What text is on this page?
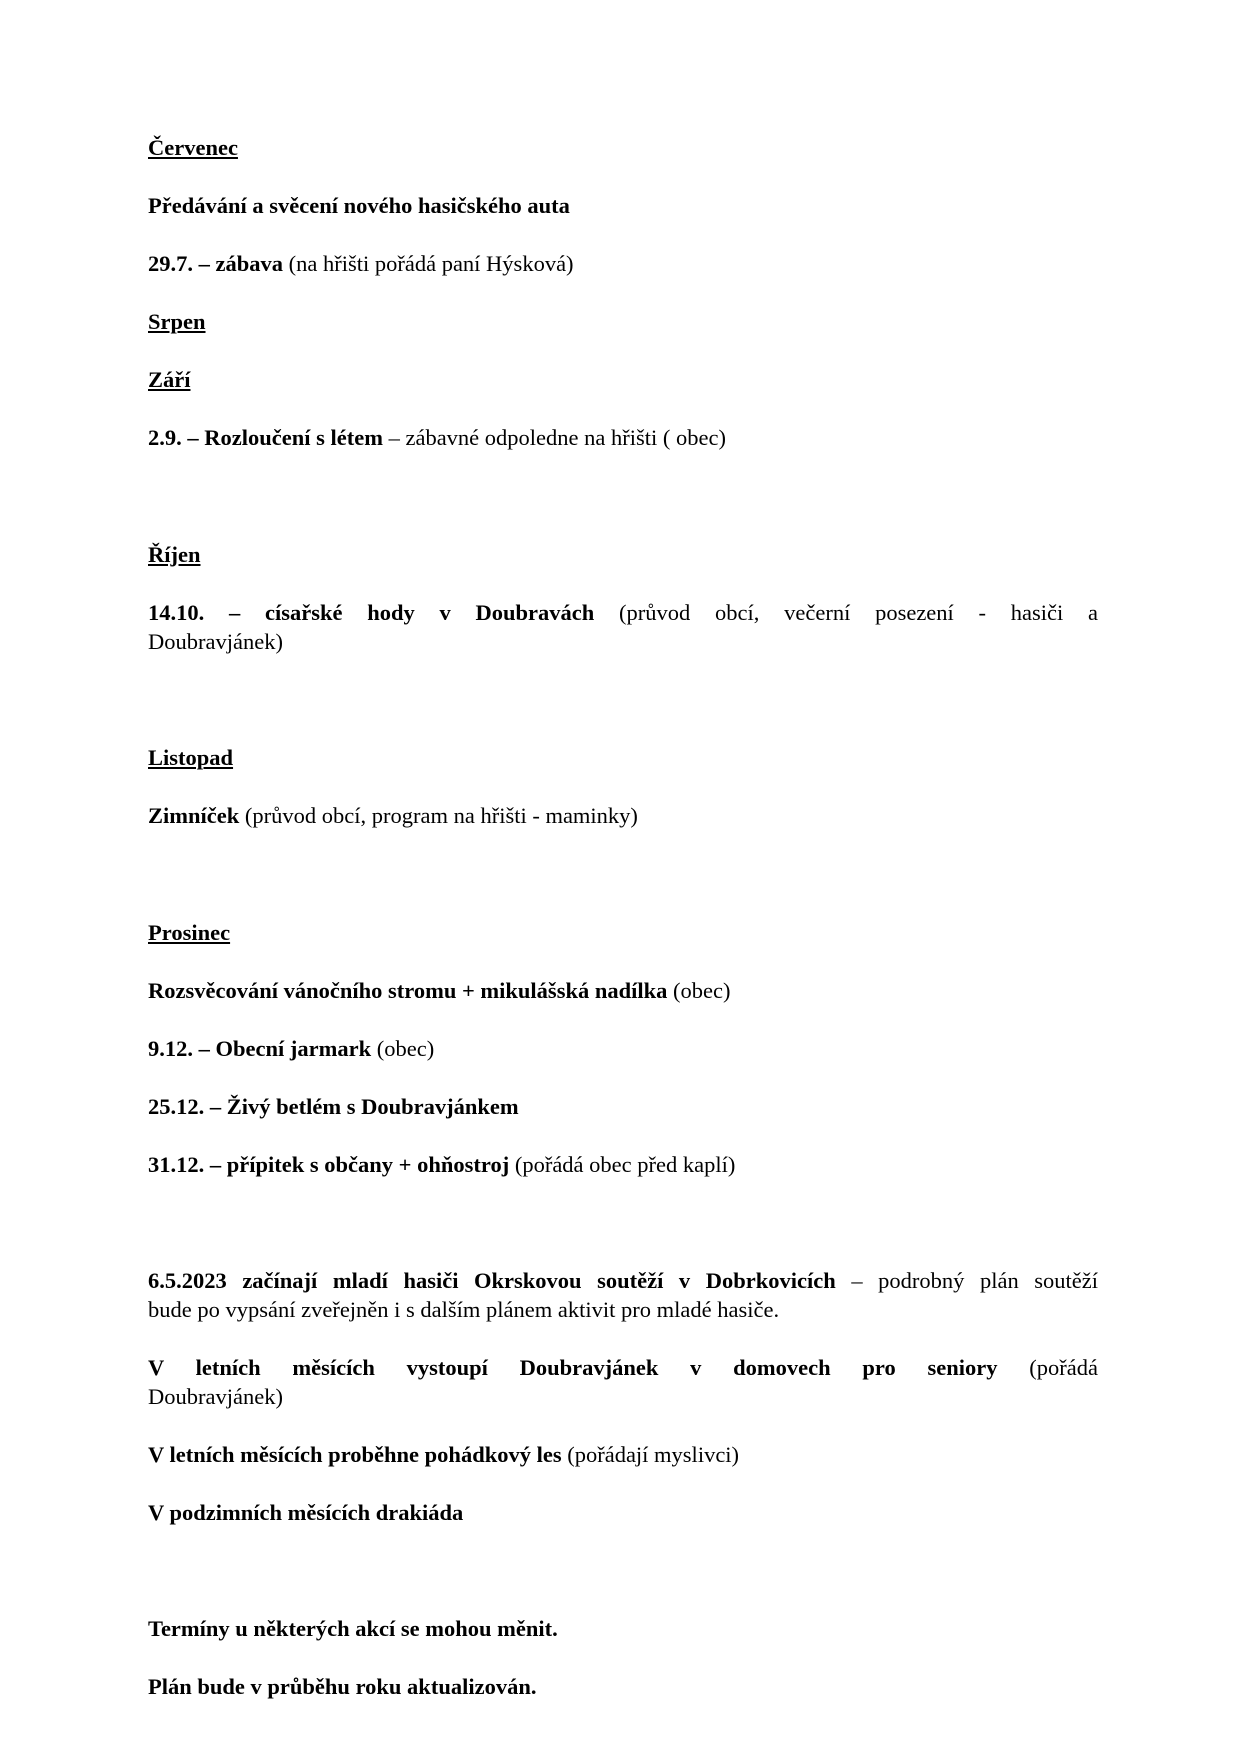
Červenec

Předávání a svěcení nového hasičského auta

29.7. – zábava (na hřišti pořádá paní Hýsková)

Srpen

Září

2.9. – Rozloučení s létem – zábavné odpoledne na hřišti ( obec)

Říjen

14.10. – císařské hody v Doubravách (průvod obcí, večerní posezení - hasiči a

Doubravjánek)

Listopad

Zimníček (průvod obcí, program na hřišti - maminky)

Prosinec

Rozsvěcování vánočního stromu + mikulášská nadílka (obec)

9.12. – Obecní jarmark (obec)

25.12. – Živý betlém s Doubravjánkem

31.12. – přípitek s občany + ohňostroj (pořádá obec před kaplí)

6.5.2023 začínají mladí hasiči Okrskovou soutěží v Dobrkovicích – podrobný plán soutěží

bude po vypsání zveřejněn i s dalším plánem aktivit pro mladé hasiče.

V letních měsících vystoupí Doubravjánek v domovech pro seniory (pořádá

Doubravjánek)

V letních měsících proběhne pohádkový les (pořádají myslivci)

V podzimních měsících drakiáda

Termíny u některých akcí se mohou měnit.

Plán bude v průběhu roku aktualizován.
